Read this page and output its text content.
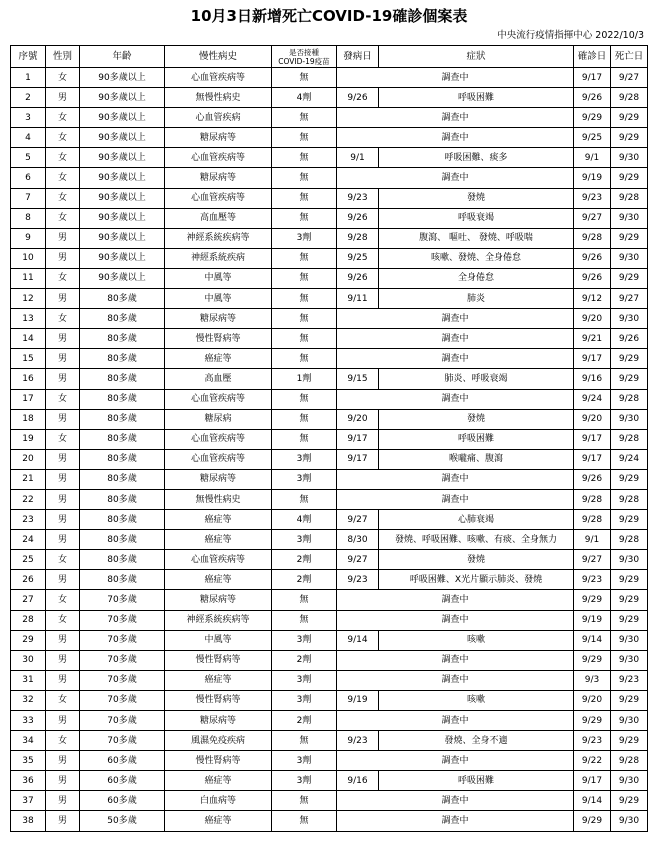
10月3日新增死亡COVID-19確診個案表
中央流行疫情指揮中心 2022/10/3
序號	性別	年齡	慢性病史	是否接種
COVID-19疫苗	發病日	症狀	確診日	死亡日
1	女	90多歲以上	心血管疾病等	無	調查中		9/17	9/27
2	男	90多歲以上	無慢性病史	4劑	9/26	呼吸困難	9/26	9/28
3	女	90多歲以上	心血管疾病	無	調查中		9/29	9/29
4	女	90多歲以上	糖尿病等	無	調查中		9/25	9/29
5	女	90多歲以上	心血管疾病等	無	9/1	呼吸困難、痰多	9/1	9/30
6	女	90多歲以上	糖尿病等	無	調查中		9/19	9/29
7	女	90多歲以上	心血管疾病等	無	9/23	發燒	9/23	9/28
8	女	90多歲以上	高血壓等	無	9/26	呼吸衰竭	9/27	9/30
9	男	90多歲以上	神經系統疾病等	3劑	9/28	腹瀉、 嘔吐、 發燒、呼吸喘	9/28	9/29
10	男	90多歲以上	神經系統疾病	無	9/25	咳嗽、發燒、全身倦怠	9/26	9/30
11	女	90多歲以上	中風等	無	9/26	全身倦怠	9/26	9/29
12	男	80多歲	中風等	無	9/11	肺炎	9/12	9/27
13	女	80多歲	糖尿病等	無	調查中		9/20	9/30
14	男	80多歲	慢性腎病等	無	調查中		9/21	9/26
15	男	80多歲	癌症等	無	調查中		9/17	9/29
16	男	80多歲	高血壓	1劑	9/15	肺炎、呼吸衰竭	9/16	9/29
17	女	80多歲	心血管疾病等	無	調查中		9/24	9/28
18	男	80多歲	糖尿病	無	9/20	發燒	9/20	9/30
19	女	80多歲	心血管疾病等	無	9/17	呼吸困難	9/17	9/28
20	男	80多歲	心血管疾病等	3劑	9/17	喉嚨痛、腹瀉	9/17	9/24
21	男	80多歲	糖尿病等	3劑	調查中		9/26	9/29
22	男	80多歲	無慢性病史	無	調查中		9/28	9/28
23	男	80多歲	癌症等	4劑	9/27	心肺衰竭	9/28	9/29
24	男	80多歲	癌症等	3劑	8/30	發燒、呼吸困難、咳嗽、有痰、全身無力	9/1	9/28
25	女	80多歲	心血管疾病等	2劑	9/27	發燒	9/27	9/30
26	男	80多歲	癌症等	2劑	9/23	呼吸困難、X光片顯示肺炎、發燒	9/23	9/29
27	女	70多歲	糖尿病等	無	調查中		9/29	9/29
28	女	70多歲	神經系統疾病等	無	調查中		9/19	9/29
29	男	70多歲	中風等	3劑	9/14	咳嗽	9/14	9/30
30	男	70多歲	慢性腎病等	2劑	調查中		9/29	9/30
31	男	70多歲	癌症等	3劑	調查中		9/3	9/23
32	女	70多歲	慢性腎病等	3劑	9/19	咳嗽	9/20	9/29
33	男	70多歲	糖尿病等	2劑	調查中		9/29	9/30
34	女	70多歲	風濕免疫疾病	無	9/23	發燒、全身不適	9/23	9/29
35	男	60多歲	慢性腎病等	3劑	調查中		9/22	9/28
36	男	60多歲	癌症等	3劑	9/16	呼吸困難	9/17	9/30
37	男	60多歲	白血病等	無	調查中		9/14	9/29
38	男	50多歲	癌症等	無	調查中		9/29	9/30
